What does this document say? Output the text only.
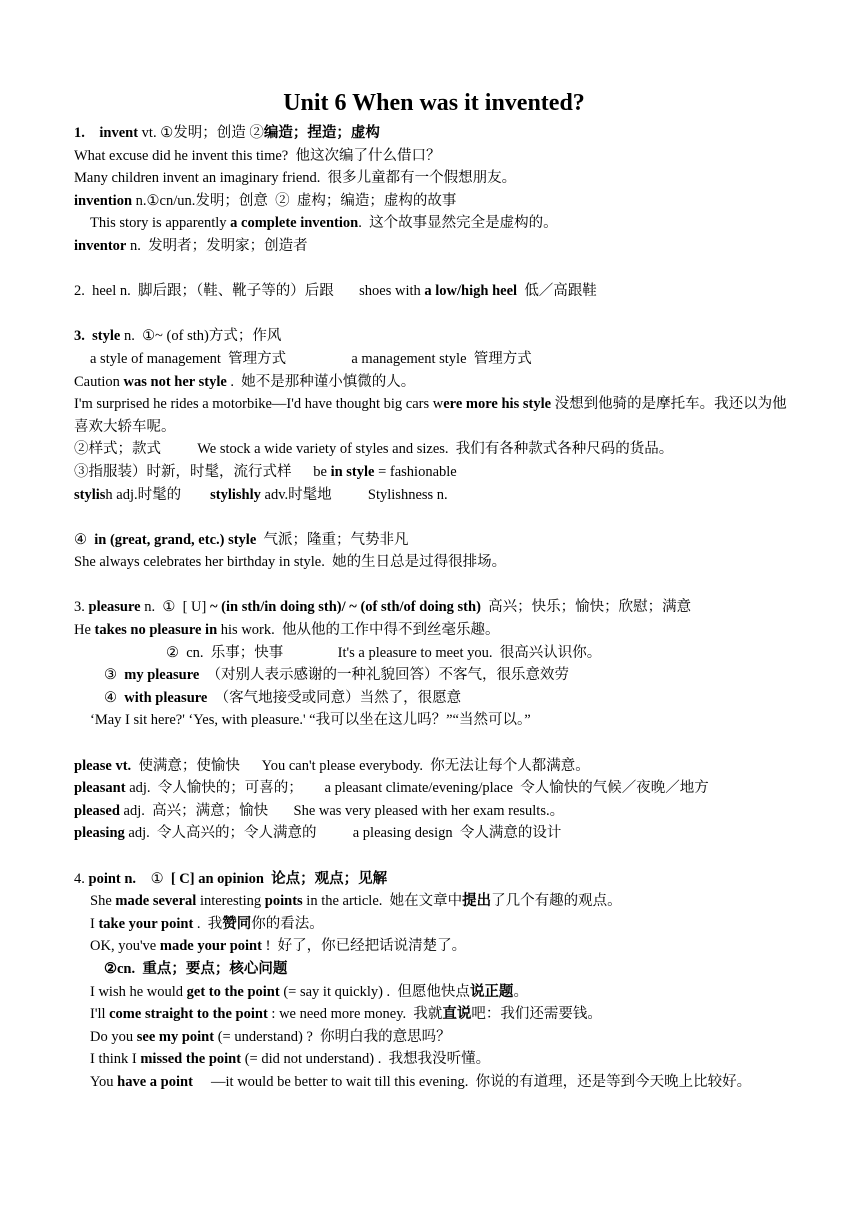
Unit 6 When was it invented?
1.    invent vt. ①发明；创造 ②编造；捏造；虚构
What excuse did he invent this time?  他这次编了什么借口？
Many children invent an imaginary friend.  很多儿童都有一个假想朋友。
invention n.①cn/un.发明；创意  ②  虚构；编造；虚构的故事
This story is apparently a complete invention.  这个故事显然完全是虚构的。
inventor n.  发明者；发明家；创造者
2.  heel n.  脚后跟；（鞋、靴子等的）后跟       shoes with a low/high heel  低／高跟鞋
3.  style n.  ①~ (of sth)方式；作风
a style of management  管理方式                  a management style  管理方式
Caution was not her style .  她不是那种谨小慎微的人。
I'm surprised he rides a motorbike—I'd have thought big cars were more his style 没想到他骑的是摩托车。我还以为他喜欢大轿车呢。
②样式；款式          We stock a wide variety of styles and sizes.  我们有各种款式各种尺码的货品。
③指服装）时新，时髦，流行式样      be in style = fashionable
stylish adj.时髦的        stylishly adv.时髦地          Stylishness n.
④  in (great, grand, etc.) style  气派；隆重；气势非凡
She always celebrates her birthday in style.  她的生日总是过得很排场。
3. pleasure n.  ①  [ U] ~ (in sth/in doing sth)/ ~ (of sth/of doing sth)  高兴；快乐；愉快；欣慰；满意
He takes no pleasure in his work.  他从他的工作中得不到丝毫乐趣。
②  cn.  乐事；快事               It's a pleasure to meet you.  很高兴认识你。
③  my pleasure  （对别人表示感谢的一种礼貌回答）不客气，很乐意效劳
④  with pleasure  （客气地接受或同意）当然了，很愿意
‘May I sit here?' ‘Yes, with pleasure.' “我可以坐在这儿吗？”“当然可以。”
please vt.  使满意；使愉快      You can't please everybody.  你无法让每个人都满意。
pleasant adj.  令人愉快的；可喜的；      a pleasant climate/evening/place  令人愉快的气候／夜晚／地方
pleased adj.  高兴；满意；愉快       She was very pleased with her exam results.。
pleasing adj.  令人高兴的；令人满意的          a pleasing design  令人满意的设计
4. point n.    ①  [ C] an opinion 论点；观点；见解
She made several interesting points in the article.  她在文章中提出了几个有趣的观点。
I take your point .  我赞同你的看法。
OK, you've made your point !  好了，你已经把话说清楚了。
②cn.  重点；要点；核心问题
I wish he would get to the point (= say it quickly) .  但愿他快点说正题。
I'll come straight to the point : we need more money.  我就直说吧：我们还需要钱。
Do you see my point (= understand) ?  你明白我的意思吗？
I think I missed the point (= did not understand) .  我想我没听懂。
You have a point     —it would be better to wait till this evening.  你说的有道理，还是等到今天晚上比较好。
